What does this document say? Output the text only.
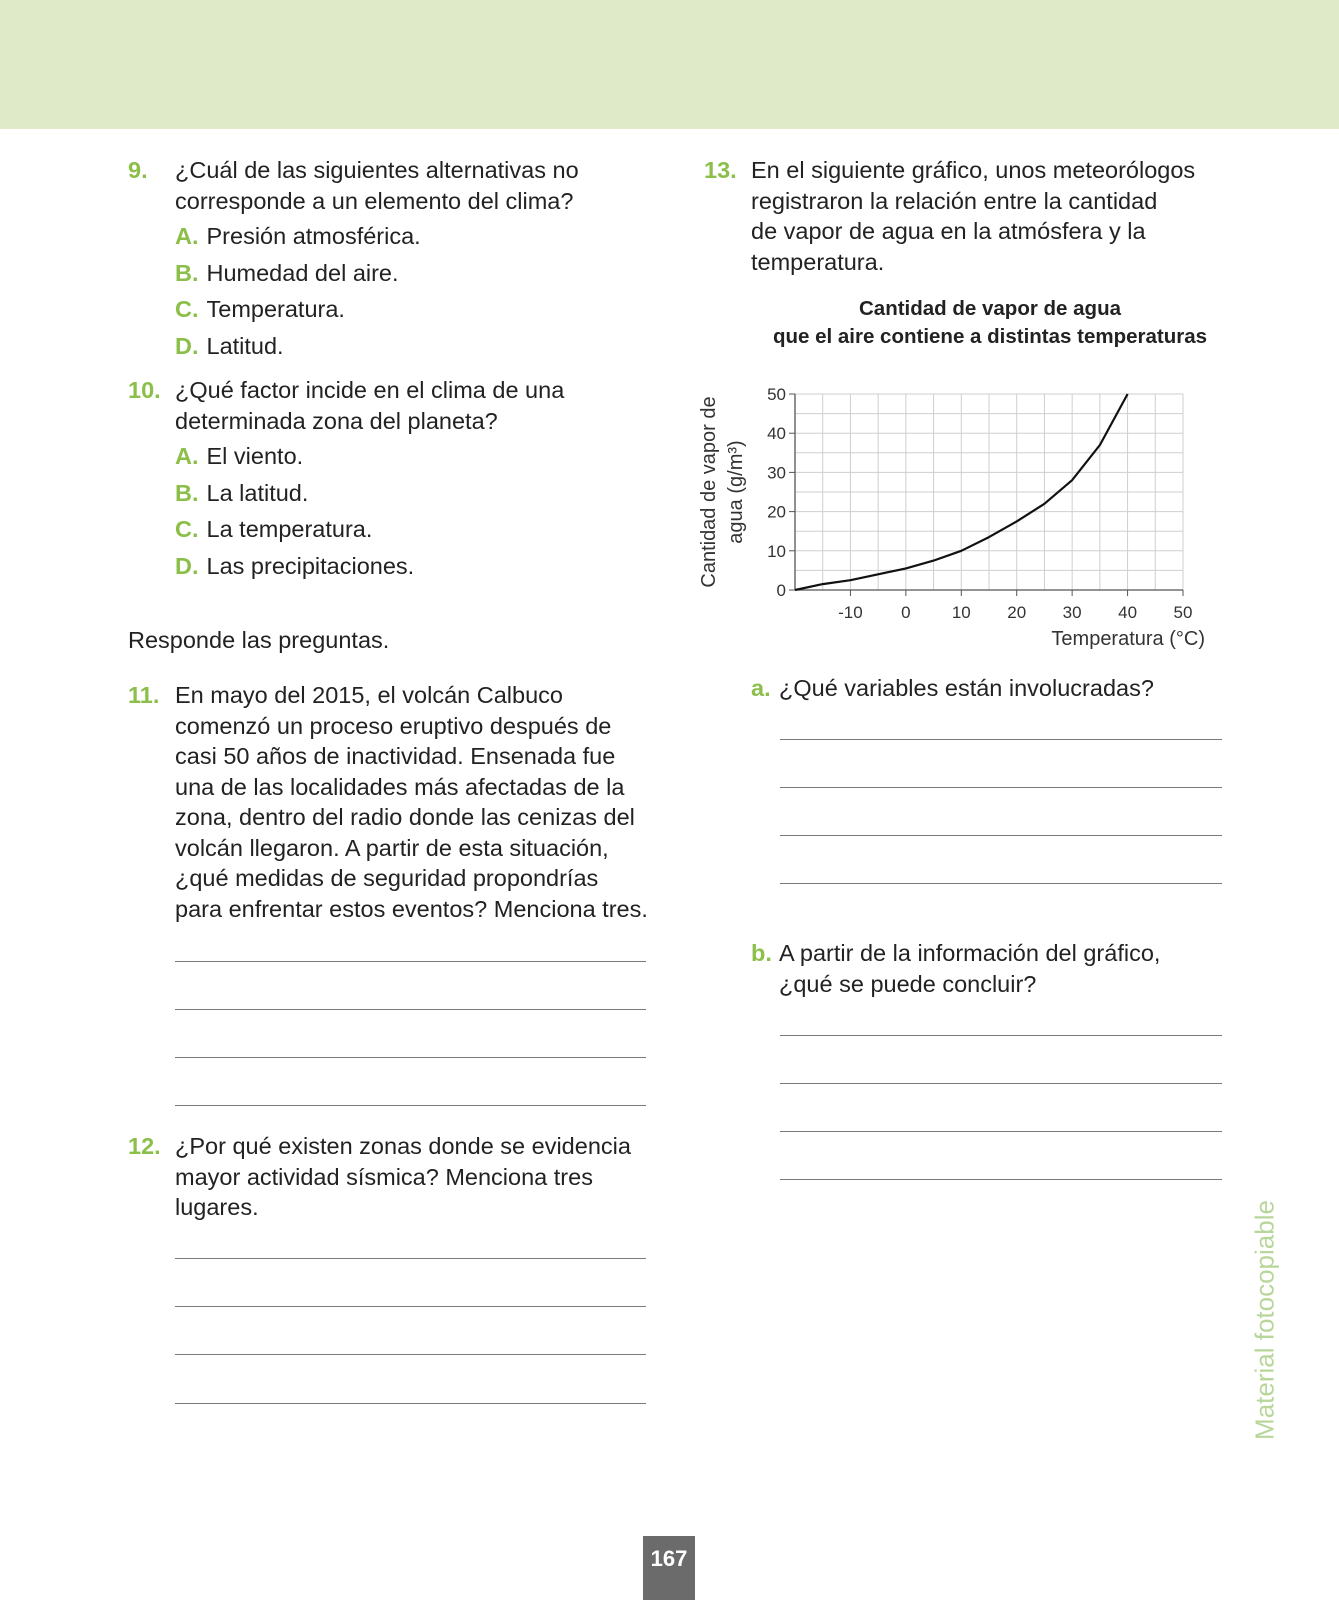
9.	¿Cuál de las siguientes alternativas no
corresponde a un elemento del clima?
A. Presión atmosférica.
B. Humedad del aire.
C. Temperatura.
D. Latitud.
10. ¿Qué factor incide en el clima de una
determinada zona del planeta?
A. El viento.
B. La latitud.
C. La temperatura.
D. Las precipitaciones.
Responde las preguntas.
11. En mayo del 2015, el volcán Calbuco
comenzó un proceso eruptivo después de
casi 50 años de inactividad. Ensenada fue
una de las localidades más afectadas de la
zona, dentro del radio donde las cenizas del
volcán llegaron. A partir de esta situación,
¿qué medidas de seguridad propondrías
para enfrentar estos eventos? Menciona tres.
12. ¿Por qué existen zonas donde se evidencia
mayor actividad sísmica? Menciona tres
lugares.
13. En el siguiente gráfico, unos meteorólogos
registraron la relación entre la cantidad
de vapor de agua en la atmósfera y la
temperatura.
Cantidad de vapor de agua
que el aire contiene a distintas temperaturas
0
10
20
30
40
50
-10 0 10 20 30 40 50
Temperatura (°C)
Cantidad de vapor de agua (g/m³)
a. ¿Qué variables están involucradas?
b. A partir de la información del gráfico,
¿qué se puede concluir?
Material fotocopiable
167
